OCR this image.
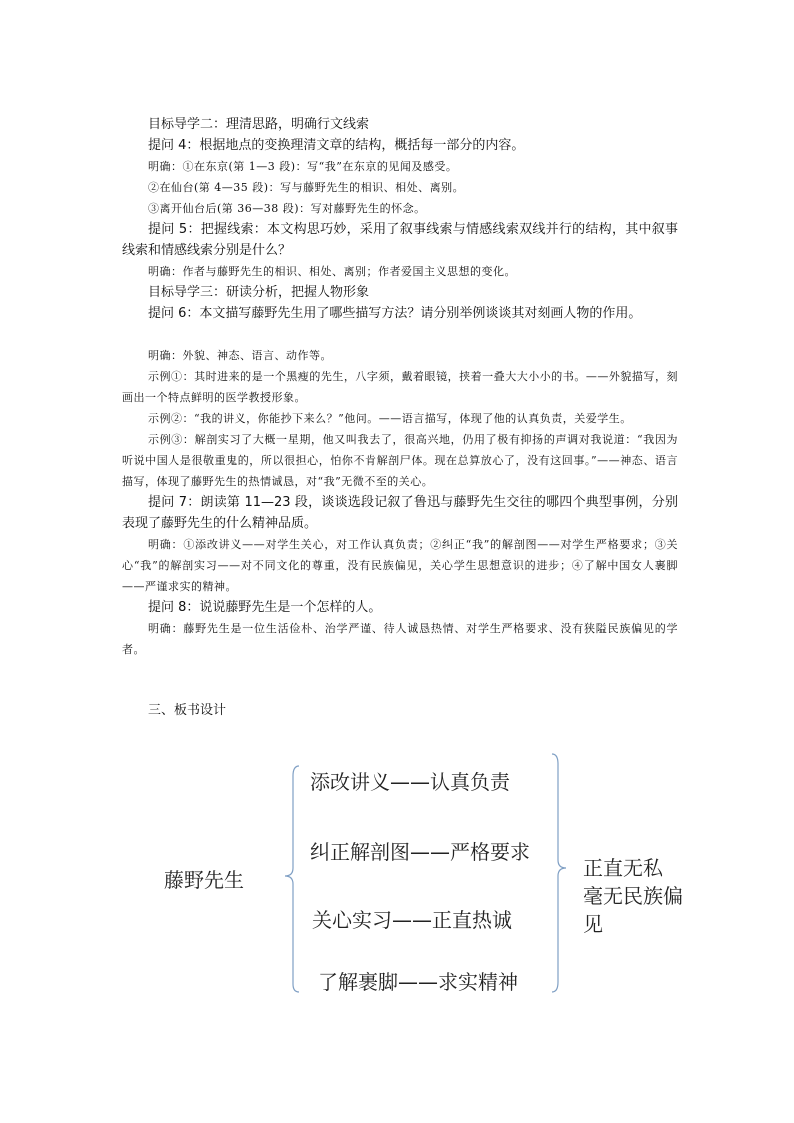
目标导学二：理清思路，明确行文线索
提问 4：根据地点的变换理清文章的结构，概括每一部分的内容。
明确：①在东京(第 1—3 段)：写“我”在东京的见闻及感受。
②在仙台(第 4—35 段)：写与藤野先生的相识、相处、离别。
③离开仙台后(第 36—38 段)：写对藤野先生的怀念。
提问 5：把握线索：本文构思巧妙，采用了叙事线索与情感线索双线并行的结构，其中叙事线索和情感线索分别是什么？
明确：作者与藤野先生的相识、相处、离别；作者爱国主义思想的变化。
目标导学三：研读分析，把握人物形象
提问 6：本文描写藤野先生用了哪些描写方法？请分别举例谈谈其对刻画人物的作用。
明确：外貌、神态、语言、动作等。
示例①：其时进来的是一个黑瘦的先生，八字须，戴着眼镜，挟着一叠大大小小的书。——外貌描写，刻画出一个特点鲜明的医学教授形象。
示例②：“我的讲义，你能抄下来么？”他问。——语言描写，体现了他的认真负责，关爱学生。
示例③：解剖实习了大概一星期，他又叫我去了，很高兴地，仍用了极有抑扬的声调对我说道：“我因为听说中国人是很敬重鬼的，所以很担心，怕你不肯解剖尸体。现在总算放心了，没有这回事。”——神态、语言描写，体现了藤野先生的热情诚恳，对“我”无微不至的关心。
提问 7：朗读第 11—23 段，谈谈选段记叙了鲁迅与藤野先生交往的哪四个典型事例，分别表现了藤野先生的什么精神品质。
明确：①添改讲义——对学生关心，对工作认真负责；②纠正“我”的解剖图——对学生严格要求；③关心“我”的解剖实习——对不同文化的尊重，没有民族偏见，关心学生思想意识的进步；④了解中国女人裹脚——严谨求实的精神。
提问 8：说说藤野先生是一个怎样的人。
明确：藤野先生是一位生活俭朴、治学严谨、待人诚恳热情、对学生严格要求、没有狭隘民族偏见的学者。
三、板书设计
藤野先生
添改讲义——认真负责
纠正解剖图——严格要求
关心实习——正直热诚
了解裹脚——求实精神
正直无私
毫无民族偏
见
